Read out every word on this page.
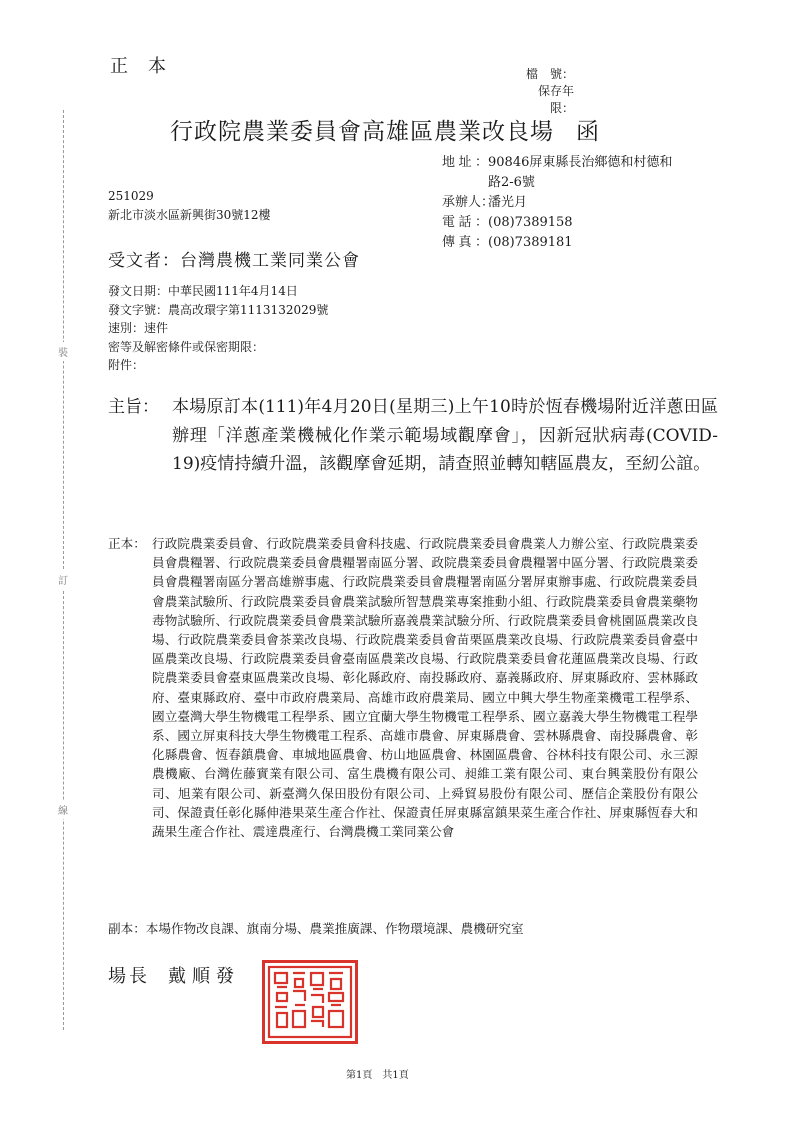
裝
訂
線
正本	檔　號：
保存年限：
行政院農業委員會高雄區農業改良場 函
地址： 90846屏東縣長治鄉德和村德和
路2-6號
承辦人：
潘光月
電話： (08)7389158
傳真： (08)7389181
251029
新北市淡水區新興街30號12樓
受文者：台灣農機工業同業公會
發文日期： 中華民國111年4月14日
發文字號： 農高改環字第1113132029號
速別： 速件
密等及解密條件或保密期限：
附件：
主旨： 本場原訂本(111)年4月20日(星期三)上午10時於恆春機場附近洋蔥田區辦理「洋蔥產業機械化作業示範場域觀摩會」，因新冠狀病毒(COVID-19)疫情持續升溫，該觀摩會延期，請查照並轉知轄區農友，至紉公誼。
正本： 行政院農業委員會、行政院農業委員會科技處、行政院農業委員會農業人力辦公室、行政院農業委員會農糧署、行政院農業委員會農糧署南區分署、政院農業委員會農糧署中區分署、行政院農業委員會農糧署南區分署高雄辦事處、行政院農業委員會農糧署南區分署屏東辦事處、行政院農業委員會農業試驗所、行政院農業委員會農業試驗所智慧農業專案推動小組、行政院農業委員會農業藥物毒物試驗所、行政院農業委員會農業試驗所嘉義農業試驗分所、行政院農業委員會桃園區農業改良場、行政院農業委員會茶業改良場、行政院農業委員會苗栗區農業改良場、行政院農業委員會臺中區農業改良場、行政院農業委員會臺南區農業改良場、行政院農業委員會花蓮區農業改良場、行政院農業委員會臺東區農業改良場、彰化縣政府、南投縣政府、嘉義縣政府、屏東縣政府、雲林縣政府、臺東縣政府、臺中市政府農業局、高雄市政府農業局、國立中興大學生物產業機電工程學系、國立臺灣大學生物機電工程學系、國立宜蘭大學生物機電工程學系、國立嘉義大學生物機電工程學系、國立屏東科技大學生物機電工程系、高雄市農會、屏東縣農會、雲林縣農會、南投縣農會、彰化縣農會、恆春鎮農會、車城地區農會、枋山地區農會、林園區農會、谷林科技有限公司、永三源農機廠、台灣佐藤實業有限公司、富生農機有限公司、昶維工業有限公司、東台興業股份有限公司、旭業有限公司、新臺灣久保田股份有限公司、上舜貿易股份有限公司、歷信企業股份有限公司、保證責任彰化縣伸港果菜生產合作社、保證責任屏東縣富鎮果菜生產合作社、屏東縣恆春大和蔬果生產合作社、震達農產行、台灣農機工業同業公會
副本：本場作物改良課、旗南分場、農業推廣課、作物環境課、農機研究室
場長 戴順發
第1頁 共1頁
